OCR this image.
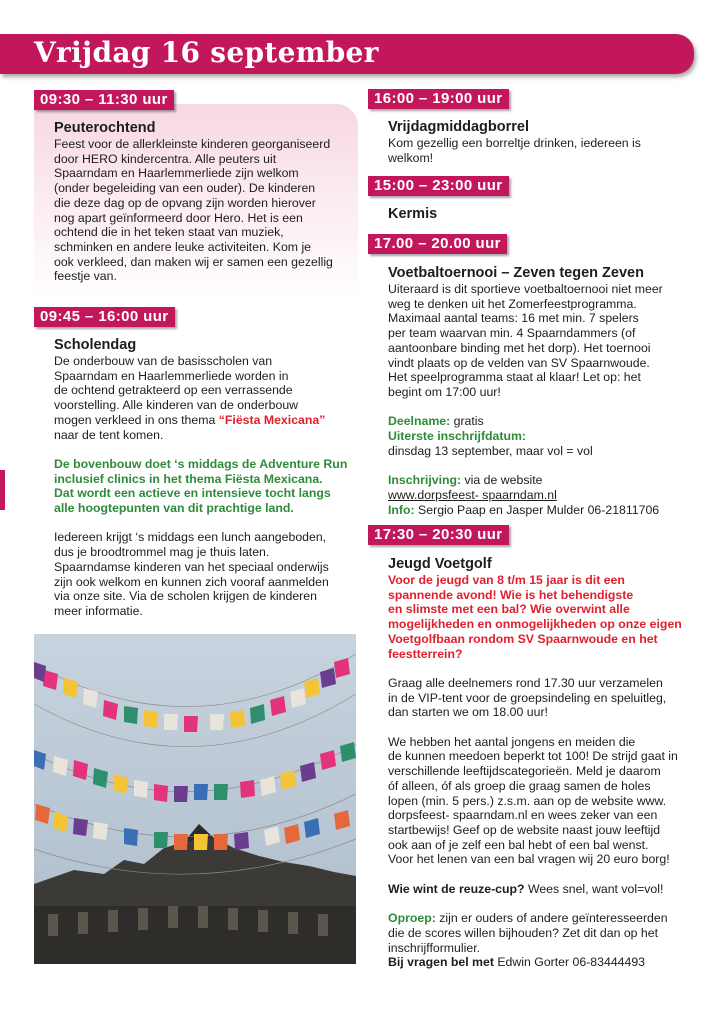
Vrijdag 16 september
09:30 – 11:30 uur
Peuterochtend
Feest voor de allerkleinste kinderen georganiseerd
door HERO kindercentra. Alle peuters uit
Spaarndam en Haarlemmerliede zijn welkom
(onder begeleiding van een ouder). De kinderen
die deze dag op de opvang zijn worden hierover
nog apart geïnformeerd door Hero. Het is een
ochtend die in het teken staat van muziek,
schminken en andere leuke activiteiten. Kom je
ook verkleed, dan maken wij er samen een gezellig
feestje van.
09:45 – 16:00 uur
Scholendag
De onderbouw van de basisscholen van
Spaarndam en Haarlemmerliede worden in
de ochtend getrakteerd op een verrassende
voorstelling. Alle kinderen van de onderbouw
mogen verkleed in ons thema “Fiësta Mexicana”
naar de tent komen.
De bovenbouw doet ‘s middags de Adventure Run
inclusief clinics in het thema Fiësta Mexicana.
Dat wordt een actieve en intensieve tocht langs
alle hoogtepunten van dit prachtige land.
Iedereen krijgt ‘s middags een lunch aangeboden,
dus je broodtrommel mag je thuis laten.
Spaarndamse kinderen van het speciaal onderwijs
zijn ook welkom en kunnen zich vooraf aanmelden
via onze site. Via de scholen krijgen de kinderen
meer informatie.
16:00 – 19:00 uur
Vrijdagmiddagborrel
Kom gezellig een borreltje drinken, iedereen is
welkom!
15:00 – 23:00 uur
Kermis
17.00 – 20.00 uur
Voetbaltoernooi – Zeven tegen Zeven
Uiteraard is dit sportieve voetbaltoernooi niet meer
weg te denken uit het Zomerfeestprogramma.
Maximaal aantal teams: 16 met min. 7 spelers
per team waarvan min. 4 Spaarndammers (of
aantoonbare binding met het dorp). Het toernooi
vindt plaats op de velden van SV Spaarnwoude.
Het speelprogramma staat al klaar! Let op: het
begint om 17:00 uur!
Deelname: gratis
Uiterste inschrijfdatum:
dinsdag 13 september, maar vol = vol
Inschrijving: via de website
www.dorpsfeest- spaarndam.nl
Info: Sergio Paap en Jasper Mulder 06-21811706
17:30 – 20:30 uur
Jeugd Voetgolf
Voor de jeugd van 8 t/m 15 jaar is dit een
spannende avond! Wie is het behendigste
en slimste met een bal? Wie overwint alle
mogelijkheden en onmogelijkheden op onze eigen
Voetgolfbaan rondom SV Spaarnwoude en het
feestterrein?
Graag alle deelnemers rond 17.30 uur verzamelen
in de VIP-tent voor de groepsindeling en speluitleg,
dan starten we om 18.00 uur!
We hebben het aantal jongens en meiden die
de kunnen meedoen beperkt tot 100! De strijd gaat in
verschillende leeftijdscategorieën. Meld je daarom
óf alleen, óf als groep die graag samen de holes
lopen (min. 5 pers.) z.s.m. aan op de website www.
dorpsfeest- spaarndam.nl en wees zeker van een
startbewijs! Geef op de website naast jouw leeftijd
ook aan of je zelf een bal hebt of een bal wenst.
Voor het lenen van een bal vragen wij 20 euro borg!
Wie wint de reuze-cup? Wees snel, want vol=vol!
Oproep: zijn er ouders of andere geïnteresseerden
die de scores willen bijhouden? Zet dit dan op het
inschrijfformulier.
Bij vragen bel met Edwin Gorter 06-83444493
